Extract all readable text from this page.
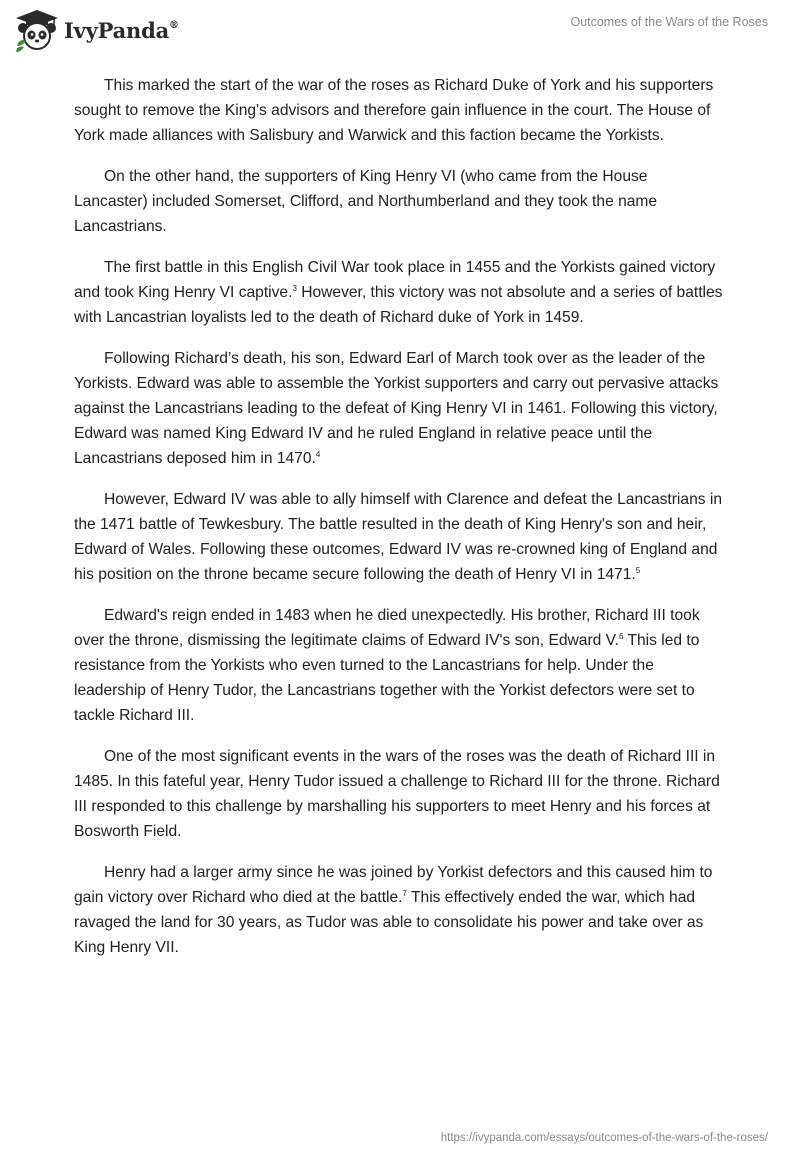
IvyPanda®	Outcomes of the Wars of the Roses

This marked the start of the war of the roses as Richard Duke of York and his supporters sought to remove the King's advisors and therefore gain influence in the court. The House of York made alliances with Salisbury and Warwick and this faction became the Yorkists.

On the other hand, the supporters of King Henry VI (who came from the House Lancaster) included Somerset, Clifford, and Northumberland and they took the name Lancastrians.

The first battle in this English Civil War took place in 1455 and the Yorkists gained victory and took King Henry VI captive.$^3$ However, this victory was not absolute and a series of battles with Lancastrian loyalists led to the death of Richard duke of York in 1459.

Following Richard’s death, his son, Edward Earl of March took over as the leader of the Yorkists. Edward was able to assemble the Yorkist supporters and carry out pervasive attacks against the Lancastrians leading to the defeat of King Henry VI in 1461. Following this victory, Edward was named King Edward IV and he ruled England in relative peace until the Lancastrians deposed him in 1470.$^4$

However, Edward IV was able to ally himself with Clarence and defeat the Lancastrians in the 1471 battle of Tewkesbury. The battle resulted in the death of King Henry's son and heir, Edward of Wales. Following these outcomes, Edward IV was re-crowned king of England and his position on the throne became secure following the death of Henry VI in 1471.$^5$

Edward's reign ended in 1483 when he died unexpectedly. His brother, Richard III took over the throne, dismissing the legitimate claims of Edward IV's son, Edward V.$^6$ This led to resistance from the Yorkists who even turned to the Lancastrians for help. Under the leadership of Henry Tudor, the Lancastrians together with the Yorkist defectors were set to tackle Richard III.

One of the most significant events in the wars of the roses was the death of Richard III in 1485. In this fateful year, Henry Tudor issued a challenge to Richard III for the throne. Richard III responded to this challenge by marshalling his supporters to meet Henry and his forces at Bosworth Field.

Henry had a larger army since he was joined by Yorkist defectors and this caused him to gain victory over Richard who died at the battle.$^7$ This effectively ended the war, which had ravaged the land for 30 years, as Tudor was able to consolidate his power and take over as King Henry VII.

https://ivypanda.com/essays/outcomes-of-the-wars-of-the-roses/
